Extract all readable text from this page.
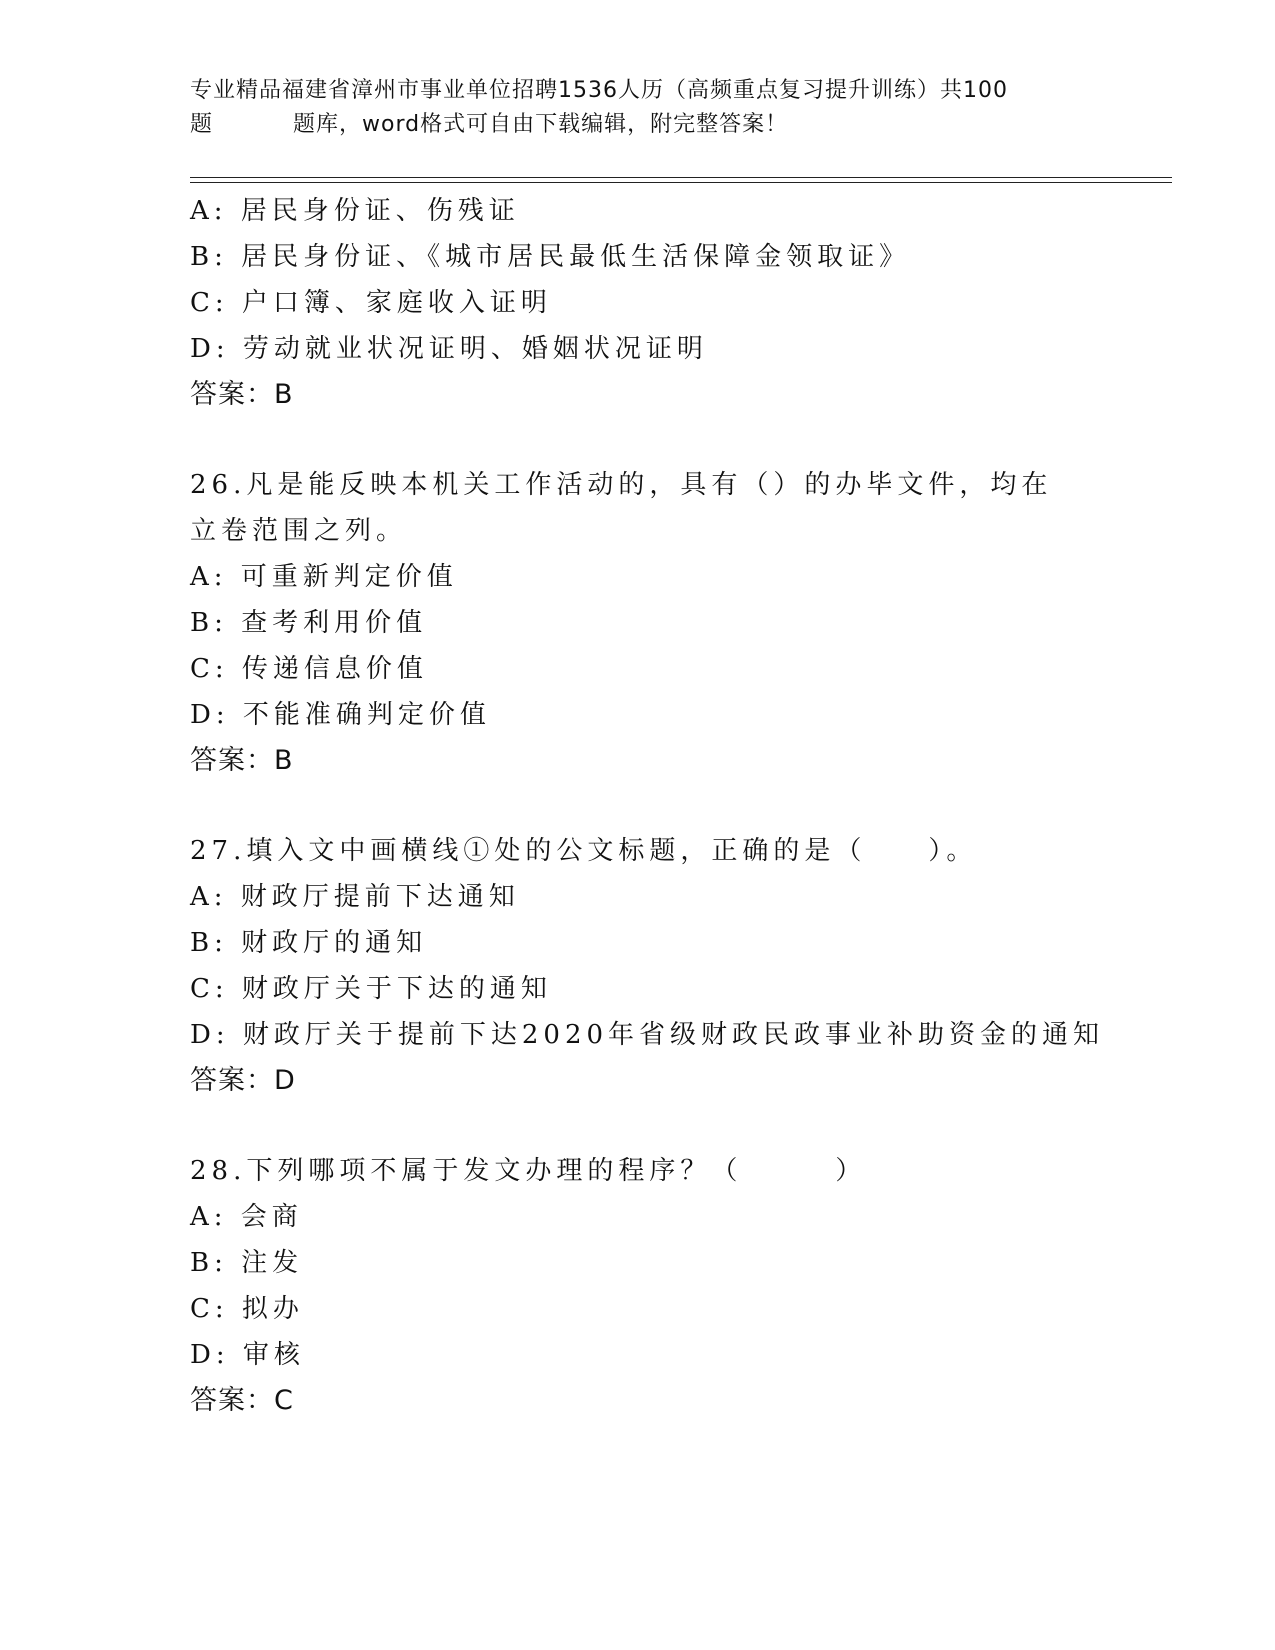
专业精品福建省漳州市事业单位招聘1536人历（高频重点复习提升训练）共100
题	题库，word格式可自由下载编辑，附完整答案！
A: 居民身份证、伤残证
B: 居民身份证、《城市居民最低生活保障金领取证》
C: 户口簿、家庭收入证明
D: 劳动就业状况证明、婚姻状况证明
答案：B
26.凡是能反映本机关工作活动的，具有（）的办毕文件，均在立卷范围之列。
A: 可重新判定价值
B: 查考利用价值
C: 传递信息价值
D: 不能准确判定价值
答案：B
27.填入文中画横线①处的公文标题，正确的是（　　）。
A: 财政厅提前下达通知
B: 财政厅的通知
C: 财政厅关于下达的通知
D: 财政厅关于提前下达2020年省级财政民政事业补助资金的通知
答案：D
28.下列哪项不属于发文办理的程序？（　　　）
A: 会商
B: 注发
C: 拟办
D: 审核
答案：C
